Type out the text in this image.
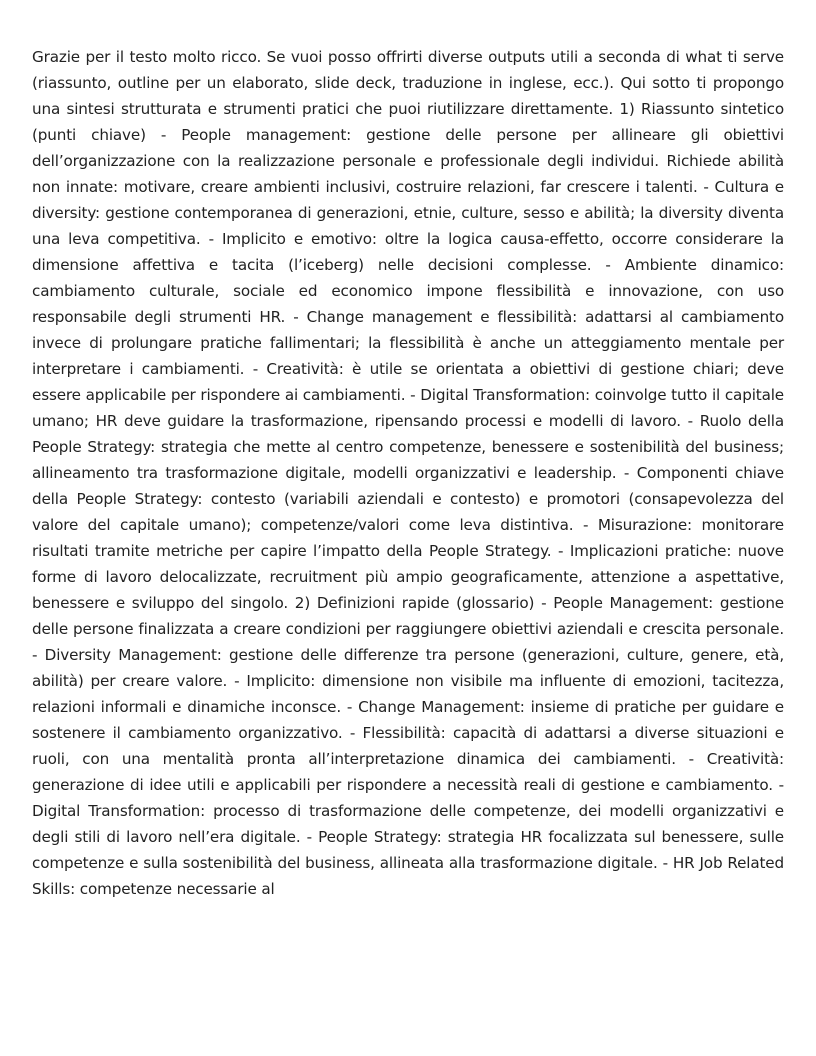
Grazie per il testo molto ricco. Se vuoi posso offrirti diverse outputs utili a seconda di what ti serve (riassunto, outline per un elaborato, slide deck, traduzione in inglese, ecc.). Qui sotto ti propongo una sintesi strutturata e strumenti pratici che puoi riutilizzare direttamente. 1) Riassunto sintetico (punti chiave) - People management: gestione delle persone per allineare gli obiettivi dell’organizzazione con la realizzazione personale e professionale degli individui. Richiede abilità non innate: motivare, creare ambienti inclusivi, costruire relazioni, far crescere i talenti. - Cultura e diversity: gestione contemporanea di generazioni, etnie, culture, sesso e abilità; la diversity diventa una leva competitiva. - Implicito e emotivo: oltre la logica causa-effetto, occorre considerare la dimensione affettiva e tacita (l’iceberg) nelle decisioni complesse. - Ambiente dinamico: cambiamento culturale, sociale ed economico impone flessibilità e innovazione, con uso responsabile degli strumenti HR. - Change management e flessibilità: adattarsi al cambiamento invece di prolungare pratiche fallimentari; la flessibilità è anche un atteggiamento mentale per interpretare i cambiamenti. - Creatività: è utile se orientata a obiettivi di gestione chiari; deve essere applicabile per rispondere ai cambiamenti. - Digital Transformation: coinvolge tutto il capitale umano; HR deve guidare la trasformazione, ripensando processi e modelli di lavoro. - Ruolo della People Strategy: strategia che mette al centro competenze, benessere e sostenibilità del business; allineamento tra trasformazione digitale, modelli organizzativi e leadership. - Componenti chiave della People Strategy: contesto (variabili aziendali e contesto) e promotori (consapevolezza del valore del capitale umano); competenze/valori come leva distintiva. - Misurazione: monitorare risultati tramite metriche per capire l’impatto della People Strategy. - Implicazioni pratiche: nuove forme di lavoro delocalizzate, recruitment più ampio geograficamente, attenzione a aspettative, benessere e sviluppo del singolo. 2) Definizioni rapide (glossario) - People Management: gestione delle persone finalizzata a creare condizioni per raggiungere obiettivi aziendali e crescita personale. - Diversity Management: gestione delle differenze tra persone (generazioni, culture, genere, età, abilità) per creare valore. - Implicito: dimensione non visibile ma influente di emozioni, tacitezza, relazioni informali e dinamiche inconsce. - Change Management: insieme di pratiche per guidare e sostenere il cambiamento organizzativo. - Flessibilità: capacità di adattarsi a diverse situazioni e ruoli, con una mentalità pronta all’interpretazione dinamica dei cambiamenti. - Creatività: generazione di idee utili e applicabili per rispondere a necessità reali di gestione e cambiamento. - Digital Transformation: processo di trasformazione delle competenze, dei modelli organizzativi e degli stili di lavoro nell’era digitale. - People Strategy: strategia HR focalizzata sul benessere, sulle competenze e sulla sostenibilità del business, allineata alla trasformazione digitale. - HR Job Related Skills: competenze necessarie al
